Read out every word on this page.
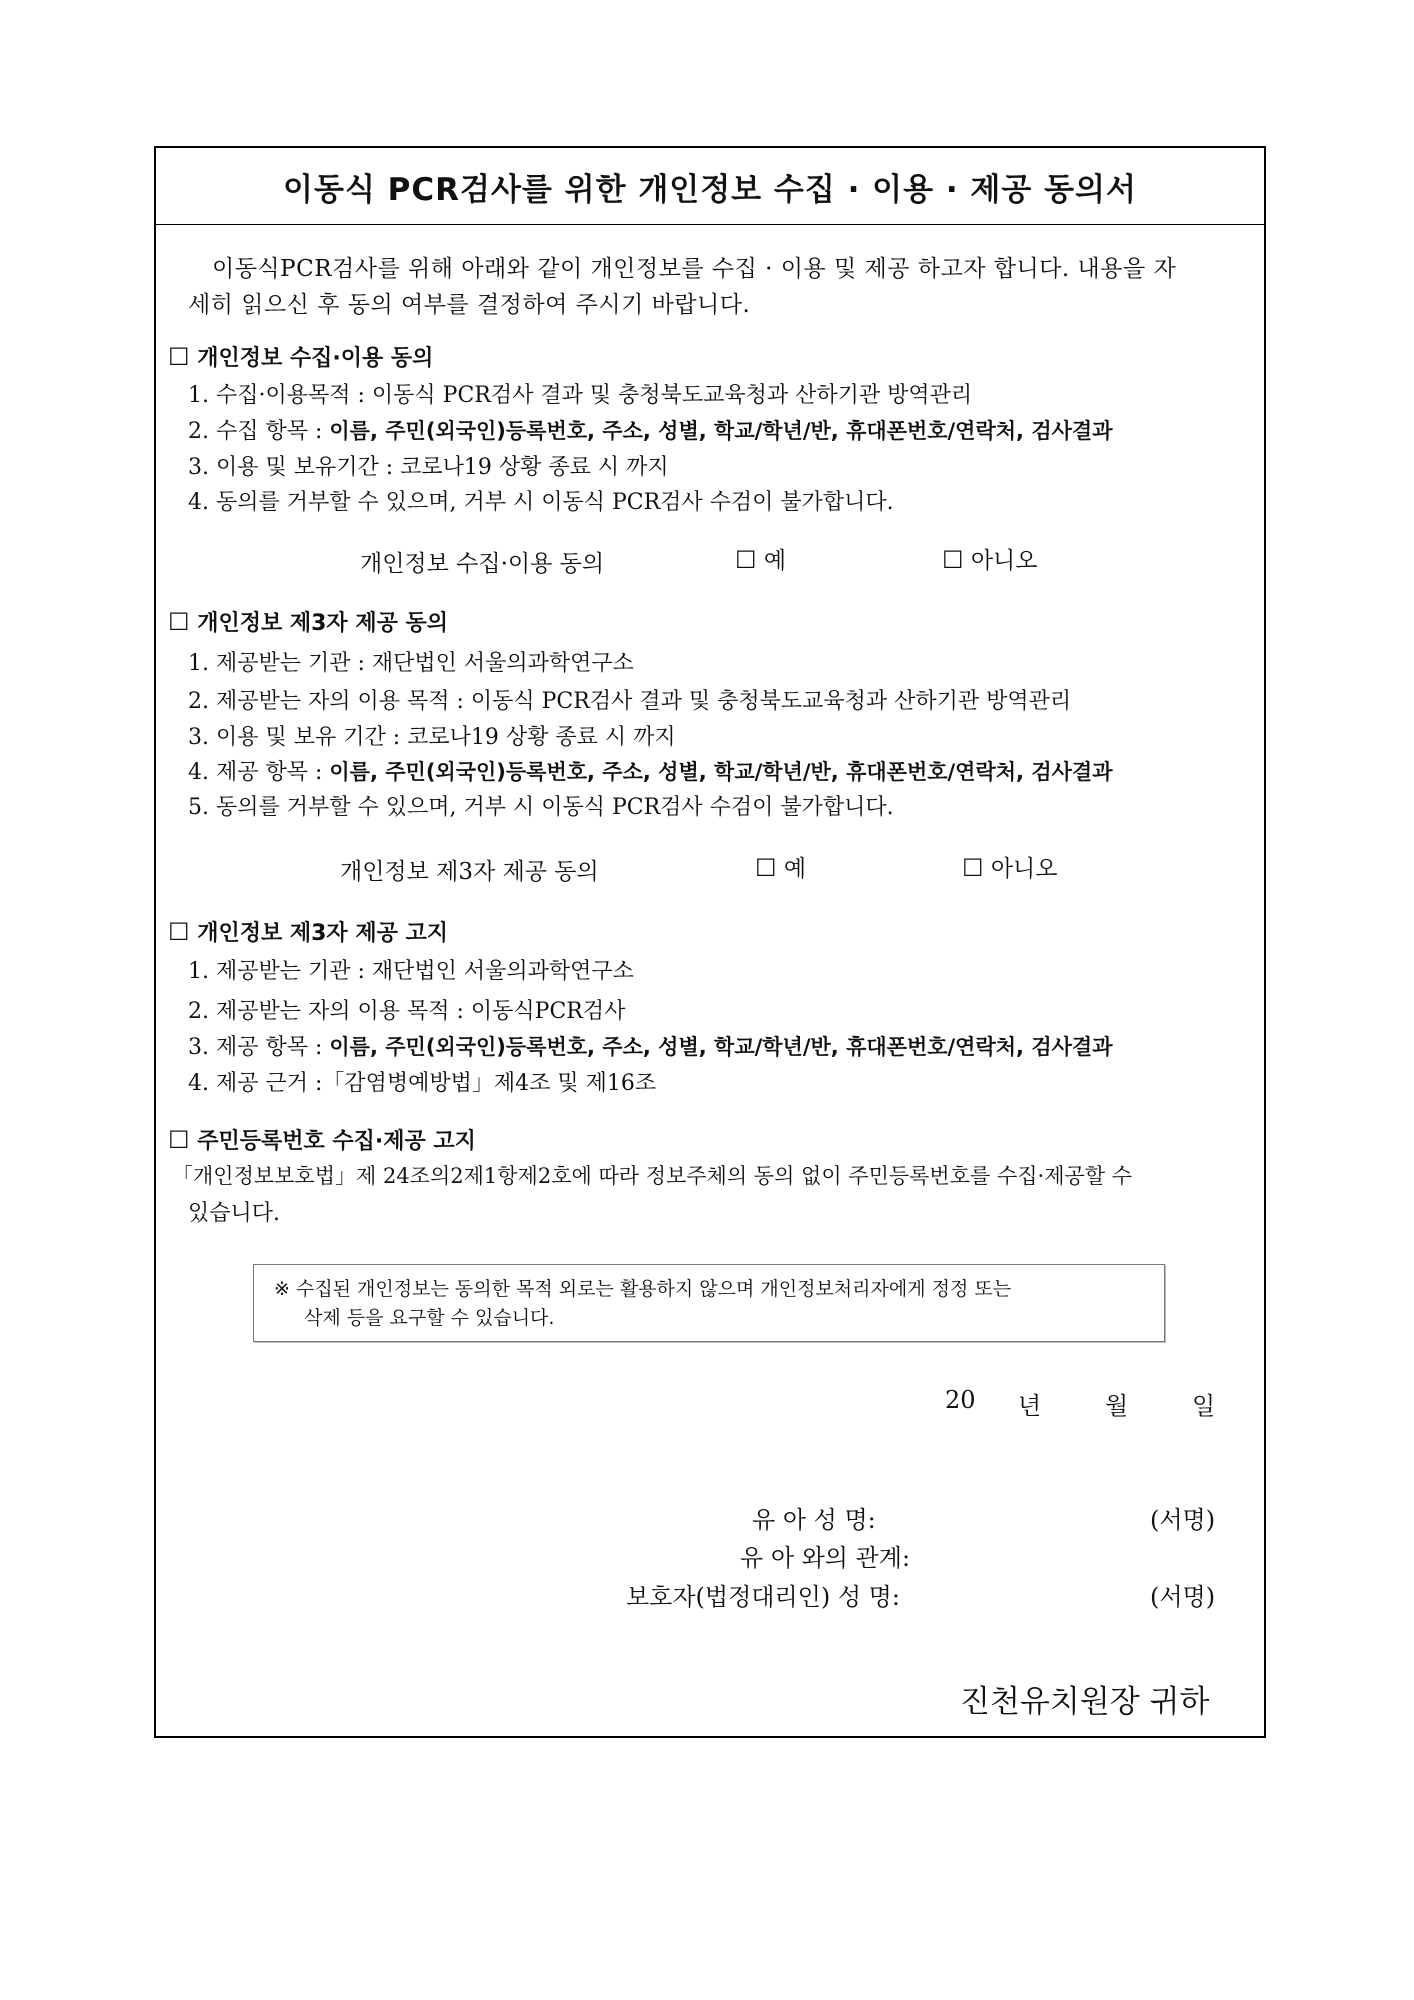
이동식 PCR검사를 위한 개인정보 수집 · 이용 · 제공 동의서
이동식PCR검사를 위해 아래와 같이 개인정보를 수집 · 이용 및 제공 하고자 합니다. 내용을 자
세히 읽으신 후 동의 여부를 결정하여 주시기 바랍니다.
☐ 개인정보 수집·이용 동의
1. 수집·이용목적 : 이동식 PCR검사 결과 및 충청북도교육청과 산하기관 방역관리
2. 수집 항목 : 이름, 주민(외국인)등록번호, 주소, 성별, 학교/학년/반, 휴대폰번호/연락처, 검사결과
3. 이용 및 보유기간 : 코로나19 상황 종료 시 까지
4. 동의를 거부할 수 있으며, 거부 시 이동식 PCR검사 수검이 불가합니다.
개인정보 수집·이용 동의	☐ 예	☐ 아니오
☐ 개인정보 제3자 제공 동의
1. 제공받는 기관 : 재단법인 서울의과학연구소
2. 제공받는 자의 이용 목적 : 이동식 PCR검사 결과 및 충청북도교육청과 산하기관 방역관리
3. 이용 및 보유 기간 : 코로나19 상황 종료 시 까지
4. 제공 항목 : 이름, 주민(외국인)등록번호, 주소, 성별, 학교/학년/반, 휴대폰번호/연락처, 검사결과
5. 동의를 거부할 수 있으며, 거부 시 이동식 PCR검사 수검이 불가합니다.
개인정보 제3자 제공 동의	☐ 예	☐ 아니오
☐ 개인정보 제3자 제공 고지
1. 제공받는 기관 : 재단법인 서울의과학연구소
2. 제공받는 자의 이용 목적 : 이동식PCR검사
3. 제공 항목 : 이름, 주민(외국인)등록번호, 주소, 성별, 학교/학년/반, 휴대폰번호/연락처, 검사결과
4. 제공 근거 :「감염병예방법」제4조 및 제16조
☐ 주민등록번호 수집·제공 고지
「개인정보보호법」제 24조의2제1항제2호에 따라 정보주체의 동의 없이 주민등록번호를 수집·제공할 수
있습니다.
※ 수집된 개인정보는 동의한 목적 외로는 활용하지 않으며 개인정보처리자에게 정정 또는
삭제 등을 요구할 수 있습니다.
20 년	월	일
유 아 성 명:	(서명)
유 아 와의 관계:
보호자(법정대리인) 성 명:	(서명)
진천유치원장 귀하
